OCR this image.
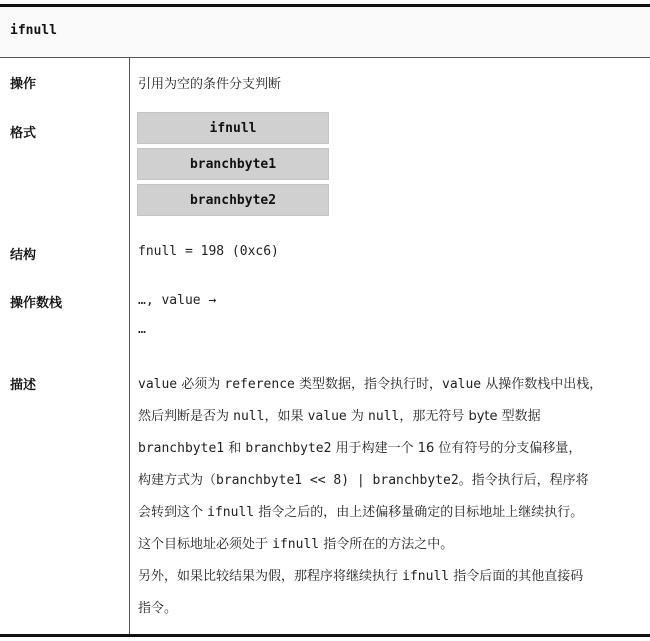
ifnull
操作	引用为空的条件分支判断
格式	ifnull
branchbyte1
branchbyte2
结构	fnull = 198 (0xc6)
操作数栈	…, value →
…
描述	value 必须为 reference 类型数据，指令执行时，value 从操作数栈中出栈，
然后判断是否为 null，如果 value 为 null，那无符号 byte 型数据
branchbyte1 和 branchbyte2 用于构建一个 16 位有符号的分支偏移量，
构建方式为（branchbyte1 << 8) | branchbyte2。指令执行后，程序将
会转到这个 ifnull 指令之后的，由上述偏移量确定的目标地址上继续执行。
这个目标地址必须处于 ifnull 指令所在的方法之中。
另外，如果比较结果为假，那程序将继续执行 ifnull 指令后面的其他直接码
指令。
